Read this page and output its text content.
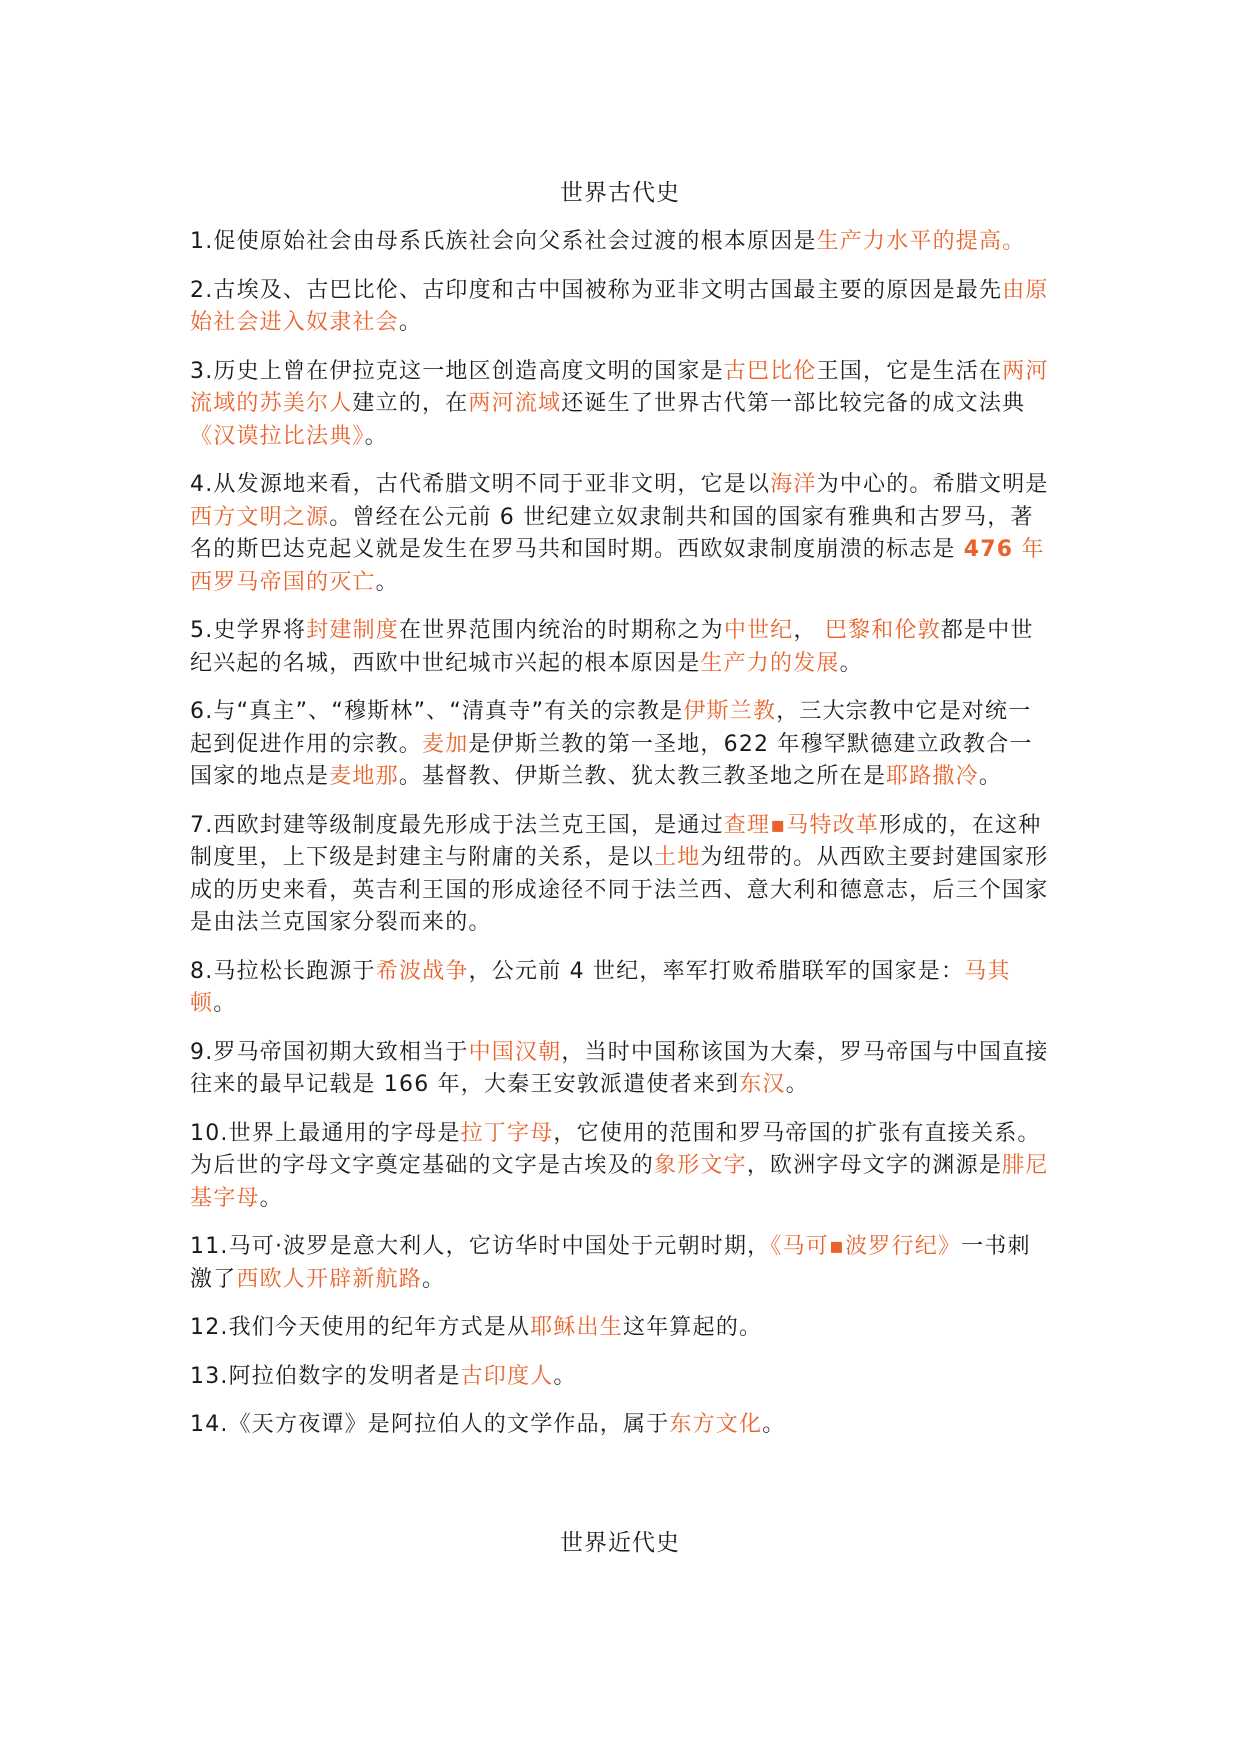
世界古代史

1.促使原始社会由母系氏族社会向父系社会过渡的根本原因是生产力水平的提高。

2.古埃及、古巴比伦、古印度和古中国被称为亚非文明古国最主要的原因是最先由原始社会进入奴隶社会。

3.历史上曾在伊拉克这一地区创造高度文明的国家是古巴比伦王国，它是生活在两河流域的苏美尔人建立的，在两河流域还诞生了世界古代第一部比较完备的成文法典《汉谟拉比法典》。

4.从发源地来看，古代希腊文明不同于亚非文明，它是以海洋为中心的。希腊文明是西方文明之源。曾经在公元前 6 世纪建立奴隶制共和国的国家有雅典和古罗马，著名的斯巴达克起义就是发生在罗马共和国时期。西欧奴隶制度崩溃的标志是 476 年西罗马帝国的灭亡。

5.史学界将封建制度在世界范围内统治的时期称之为中世纪， 巴黎和伦敦都是中世纪兴起的名城，西欧中世纪城市兴起的根本原因是生产力的发展。

6.与“真主”、“穆斯林”、“清真寺”有关的宗教是伊斯兰教，三大宗教中它是对统一起到促进作用的宗教。麦加是伊斯兰教的第一圣地，622 年穆罕默德建立政教合一国家的地点是麦地那。基督教、伊斯兰教、犹太教三教圣地之所在是耶路撒冷。

7.西欧封建等级制度最先形成于法兰克王国，是通过查理▪马特改革形成的，在这种制度里，上下级是封建主与附庸的关系，是以土地为纽带的。从西欧主要封建国家形成的历史来看，英吉利王国的形成途径不同于法兰西、意大利和德意志，后三个国家是由法兰克国家分裂而来的。

8.马拉松长跑源于希波战争，公元前 4 世纪，率军打败希腊联军的国家是：马其顿。

9.罗马帝国初期大致相当于中国汉朝，当时中国称该国为大秦，罗马帝国与中国直接往来的最早记载是 166 年，大秦王安敦派遣使者来到东汉。

10.世界上最通用的字母是拉丁字母，它使用的范围和罗马帝国的扩张有直接关系。为后世的字母文字奠定基础的文字是古埃及的象形文字，欧洲字母文字的渊源是腓尼基字母。

11.马可·波罗是意大利人，它访华时中国处于元朝时期，《马可▪波罗行纪》一书刺激了西欧人开辟新航路。

12.我们今天使用的纪年方式是从耶稣出生这年算起的。

13.阿拉伯数字的发明者是古印度人。

14.《天方夜谭》是阿拉伯人的文学作品，属于东方文化。

世界近代史
